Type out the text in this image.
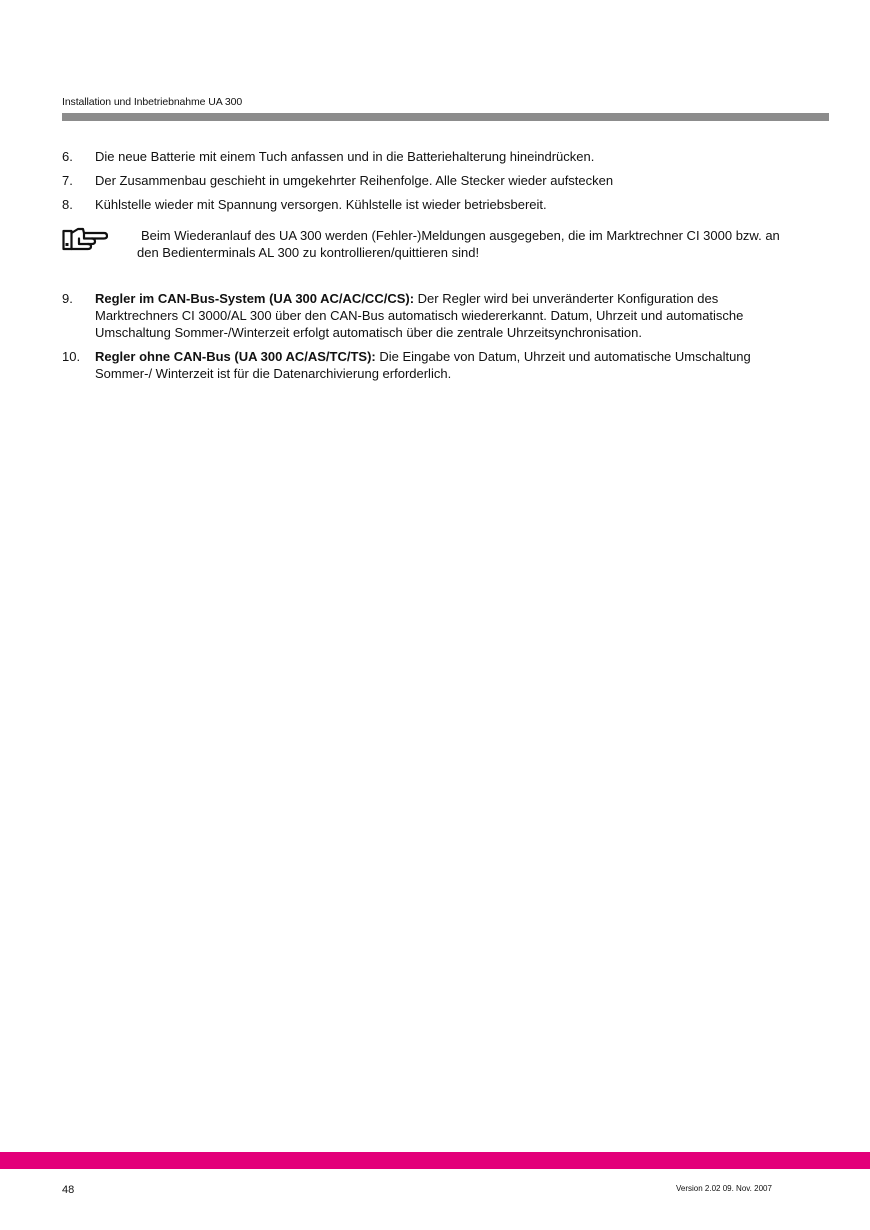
Installation und Inbetriebnahme UA 300
6. Die neue Batterie mit einem Tuch anfassen und in die Batteriehalterung hineindrücken.
7. Der Zusammenbau geschieht in umgekehrter Reihenfolge. Alle Stecker wieder aufstecken
8. Kühlstelle wieder mit Spannung versorgen. Kühlstelle ist wieder betriebsbereit.
Beim Wiederanlauf des UA 300 werden (Fehler-)Meldungen ausgegeben, die im Marktrechner CI 3000 bzw. an den Bedienterminals AL 300 zu kontrollieren/quittieren sind!
9. Regler im CAN-Bus-System (UA 300 AC/AC/CC/CS): Der Regler wird bei unveränderter Konfiguration des Marktrechners CI 3000/AL 300 über den CAN-Bus automatisch wiedererkannt. Datum, Uhrzeit und automatische Umschaltung Sommer-/Winterzeit erfolgt automatisch über die zentrale Uhrzeitsynchronisation.
10. Regler ohne CAN-Bus (UA 300 AC/AS/TC/TS): Die Eingabe von Datum, Uhrzeit und automatische Umschaltung Sommer-/ Winterzeit ist für die Datenarchivierung erforderlich.
48	Version 2.02 09. Nov. 2007
